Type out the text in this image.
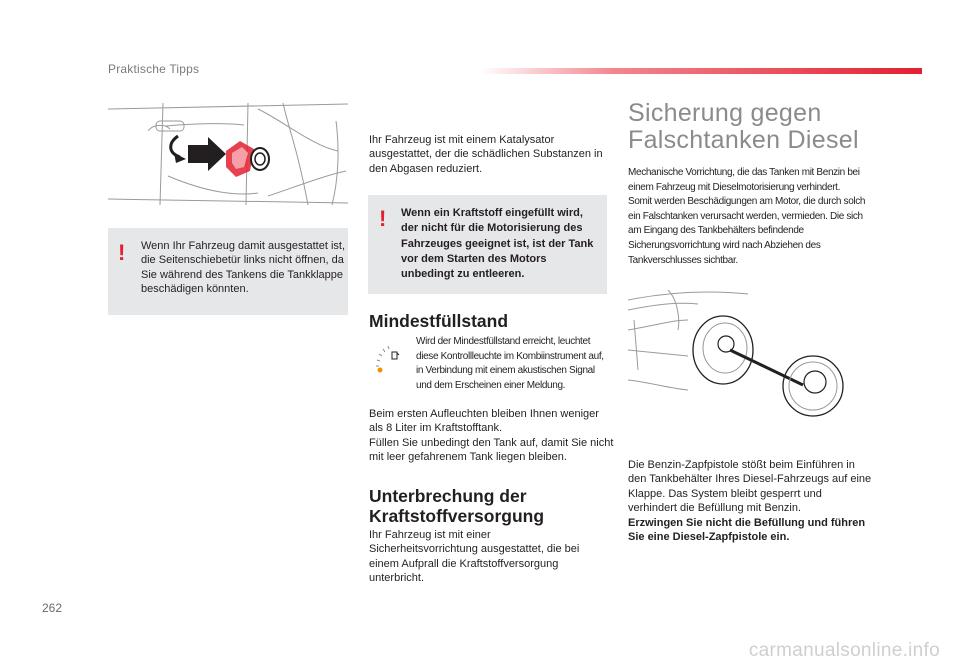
Praktische Tipps
! Wenn Ihr Fahrzeug damit ausgestattet ist, die Seitenschiebetür links nicht öffnen, da Sie während des Tankens die Tankklappe beschädigen könnten.

Ihr Fahrzeug ist mit einem Katalysator ausgestattet, der die schädlichen Substanzen in den Abgasen reduziert.

! Wenn ein Kraftstoff eingefüllt wird, der nicht für die Motorisierung des Fahrzeuges geeignet ist, ist der Tank vor dem Starten des Motors unbedingt zu entleeren.

Mindestfüllstand

Wird der Mindestfüllstand erreicht, leuchtet diese Kontrollleuchte im Kombiinstrument auf, in Verbindung mit einem akustischen Signal und dem Erscheinen einer Meldung.

Beim ersten Aufleuchten bleiben Ihnen weniger als 8 Liter im Kraftstofftank.

Füllen Sie unbedingt den Tank auf, damit Sie nicht mit leer gefahrenem Tank liegen bleiben.

Unterbrechung der Kraftstoffversorgung

Ihr Fahrzeug ist mit einer Sicherheitsvorrichtung ausgestattet, die bei einem Aufprall die Kraftstoffversorgung unterbricht.

Sicherung gegen Falschtanken Diesel

Mechanische Vorrichtung, die das Tanken mit Benzin bei einem Fahrzeug mit Dieselmotorisierung verhindert. Somit werden Beschädigungen am Motor, die durch solch ein Falschtanken verursacht werden, vermieden. Die sich am Eingang des Tankbehälters befindende Sicherungsvorrichtung wird nach Abziehen des Tankverschlusses sichtbar.

Die Benzin-Zapfpistole stößt beim Einführen in den Tankbehälter Ihres Diesel-Fahrzeugs auf eine Klappe. Das System bleibt gesperrt und verhindert die Befüllung mit Benzin.

Erzwingen Sie nicht die Befüllung und führen Sie eine Diesel-Zapfpistole ein.

262
carmanualsonline.info
